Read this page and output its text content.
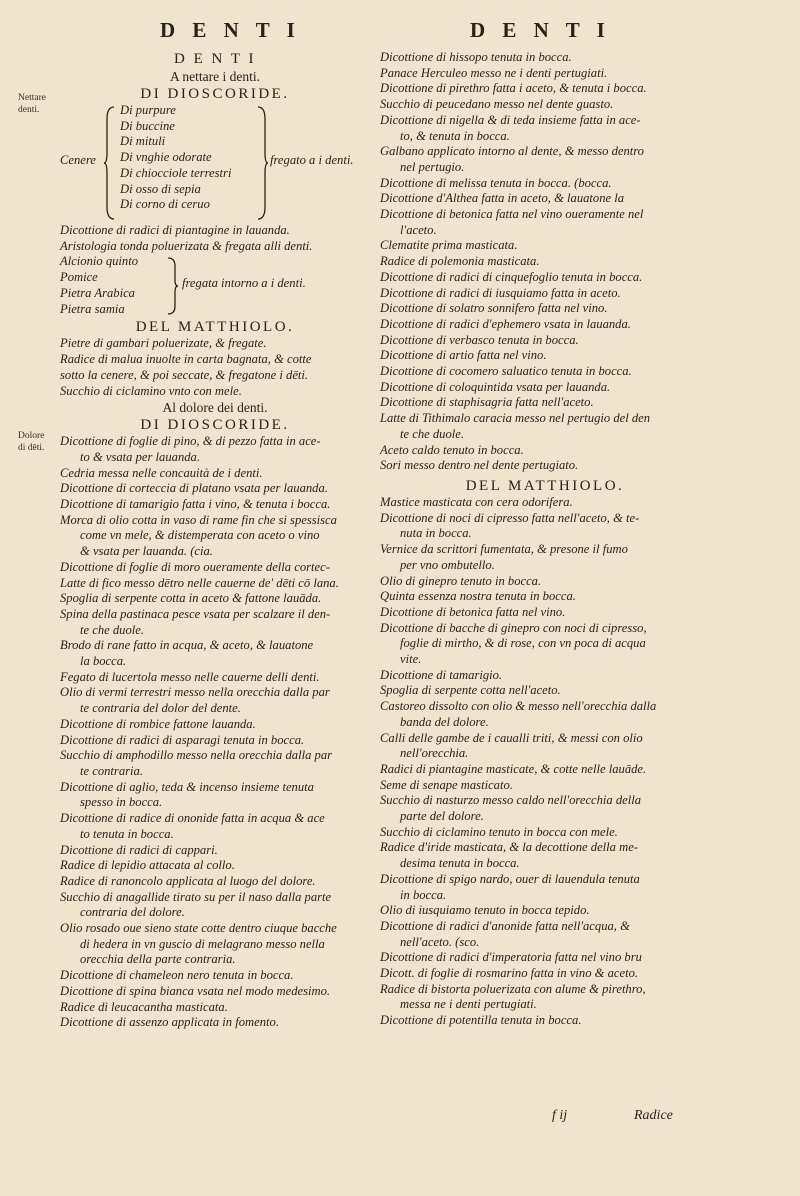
D E N T I	D E N T I
Nettare
denti.
Dolore
di dēti.

D E N T I

A nettare i denti.

DI DIOSCORIDE.

Cenere
Di purpure
Di buccine
Di mituli
Di vnghie odorate
Di chiocciole terrestri
Di osso di sepia
Di corno di ceruo
fregato a i denti.

Dicottione di radici di piantagine in lauanda.

Aristologia tonda poluerizata & fregata alli denti.

Alcionio quinto
Pomice
Pietra Arabica
Pietra samia
fregata intorno a i denti.

DEL MATTHIOLO.

Pietre di gambari poluerizate, & fregate.

Radice di malua inuolte in carta bagnata, & cotte

sotto la cenere, & poi seccate, & fregatone i dēti.

Succhio di ciclamino vnto con mele.

Al dolore dei denti.

DI DIOSCORIDE.

Dicottione di foglie di pino, & di pezzo fatta in ace-

to & vsata per lauanda.

Cedria messa nelle concauità de i denti.

Dicottione di corteccia di platano vsata per lauanda.

Dicottione di tamarigio fatta i vino, & tenuta i bocca.

Morca di olio cotta in vaso di rame fin che si spessisca

come vn mele, & distemperata con aceto o vino

& vsata per lauanda. (cia.

Dicottione di foglie di moro oueramente della cortec-

Latte di fico messo dētro nelle cauerne de' dēti cō lana.

Spoglia di serpente cotta in aceto & fattone lauāda.

Spina della pastinaca pesce vsata per scalzare il den-

te che duole.

Brodo di rane fatto in acqua, & aceto, & lauatone

la bocca.

Fegato di lucertola messo nelle cauerne delli denti.

Olio di vermi terrestri messo nella orecchia dalla par

te contraria del dolor del dente.

Dicottione di rombice fattone lauanda.

Dicottione di radici di asparagi tenuta in bocca.

Succhio di amphodillo messo nella orecchia dalla par

te contraria.

Dicottione di aglio, teda & incenso insieme tenuta

spesso in bocca.

Dicottione di radice di ononide fatta in acqua & ace

to tenuta in bocca.

Dicottione di radici di cappari.

Radice di lepidio attacata al collo.

Radice di ranoncolo applicata al luogo del dolore.

Succhio di anagallide tirato su per il naso dalla parte

contraria del dolore.

Olio rosado oue sieno state cotte dentro ciuque bacche

di hedera in vn guscio di melagrano messo nella

orecchia della parte contraria.

Dicottione di chameleon nero tenuta in bocca.

Dicottione di spina bianca vsata nel modo medesimo.

Radice di leucacantha masticata.

Dicottione di assenzo applicata in fomento.

Dicottione di hissopo tenuta in bocca.

Panace Herculeo messo ne i denti pertugiati.

Dicottione di pirethro fatta i aceto, & tenuta i bocca.

Succhio di peucedano messo nel dente guasto.

Dicottione di nigella & di teda insieme fatta in ace-

to, & tenuta in bocca.

Galbano applicato intorno al dente, & messo dentro

nel pertugio.

Dicottione di melissa tenuta in bocca. (bocca.

Dicottione d'Althea fatta in aceto, & lauatone la

Dicottione di betonica fatta nel vino oueramente nel

l'aceto.

Clematite prima masticata.

Radice di polemonia masticata.

Dicottione di radici di cinquefoglio tenuta in bocca.

Dicottione di radici di iusquiamo fatta in aceto.

Dicottione di solatro sonnifero fatta nel vino.

Dicottione di radici d'ephemero vsata in lauanda.

Dicottione di verbasco tenuta in bocca.

Dicottione di artio fatta nel vino.

Dicottione di cocomero saluatico tenuta in bocca.

Dicottione di coloquintida vsata per lauanda.

Dicottione di staphisagria fatta nell'aceto.

Latte di Tithimalo caracia messo nel pertugio del den

te che duole.

Aceto caldo tenuto in bocca.

Sori messo dentro nel dente pertugiato.

DEL MATTHIOLO.

Mastice masticata con cera odorifera.

Dicottione di noci di cipresso fatta nell'aceto, & te-

nuta in bocca.

Vernice da scrittori fumentata, & presone il fumo

per vno ombutello.

Olio di ginepro tenuto in bocca.

Quinta essenza nostra tenuta in bocca.

Dicottione di betonica fatta nel vino.

Dicottione di bacche di ginepro con noci di cipresso,

foglie di mirtho, & di rose, con vn poca di acqua

vite.

Dicottione di tamarigio.

Spoglia di serpente cotta nell'aceto.

Castoreo dissolto con olio & messo nell'orecchia dalla

banda del dolore.

Calli delle gambe de i caualli triti, & messi con olio

nell'orecchia.

Radici di piantagine masticate, & cotte nelle lauāde.

Seme di senape masticato.

Succhio di nasturzo messo caldo nell'orecchia della

parte del dolore.

Succhio di ciclamino tenuto in bocca con mele.

Radice d'iride masticata, & la decottione della me-

desima tenuta in bocca.

Dicottione di spigo nardo, ouer di lauendula tenuta

in bocca.

Olio di iusquiamo tenuto in bocca tepido.

Dicottione di radici d'anonide fatta nell'acqua, &

nell'aceto. (sco.

Dicottione di radici d'imperatoria fatta nel vino bru

Dicott. di foglie di rosmarino fatta in vino & aceto.

Radice di bistorta poluerizata con alume & pirethro,

messa ne i denti pertugiati.

Dicottione di potentilla tenuta in bocca.

f ij	Radice
